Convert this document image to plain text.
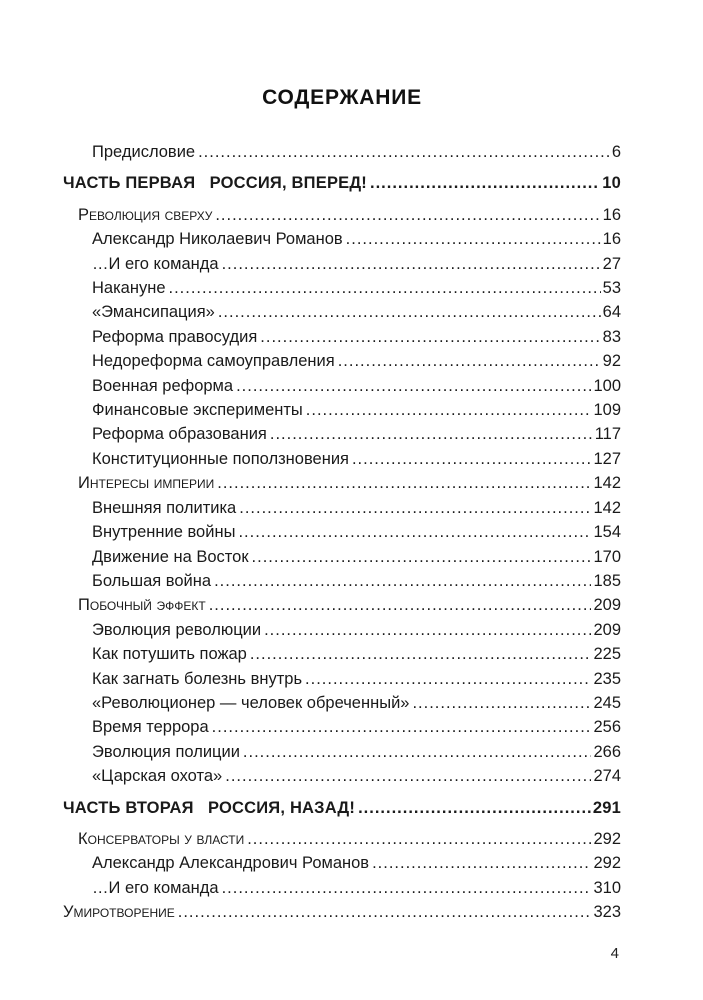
СОДЕРЖАНИЕ
Предисловие .....	6
ЧАСТЬ ПЕРВАЯ   РОССИЯ, ВПЕРЕД! .....	10
Революция сверху .....	16
Александр Николаевич Романов .....	16
…И его команда .....	27
Накануне .....	53
«Эмансипация» .....	64
Реформа правосудия .....	83
Недореформа самоуправления .....	92
Военная реформа .....	100
Финансовые эксперименты .....	109
Реформа образования .....	117
Конституционные поползновения .....	127
Интересы империи .....	142
Внешняя политика .....	142
Внутренние войны .....	154
Движение на Восток .....	170
Большая война .....	185
Побочный эффект .....	209
Эволюция революции .....	209
Как потушить пожар .....	225
Как загнать болезнь внутрь .....	235
«Революционер — человек обреченный» .....	245
Время террора .....	256
Эволюция полиции .....	266
«Царская охота» .....	274
ЧАСТЬ ВТОРАЯ   РОССИЯ, НАЗАД! .....	291
Консерваторы у власти .....	292
Александр Александрович Романов .....	292
…И его команда .....	310
Умиротворение .....	323
4
